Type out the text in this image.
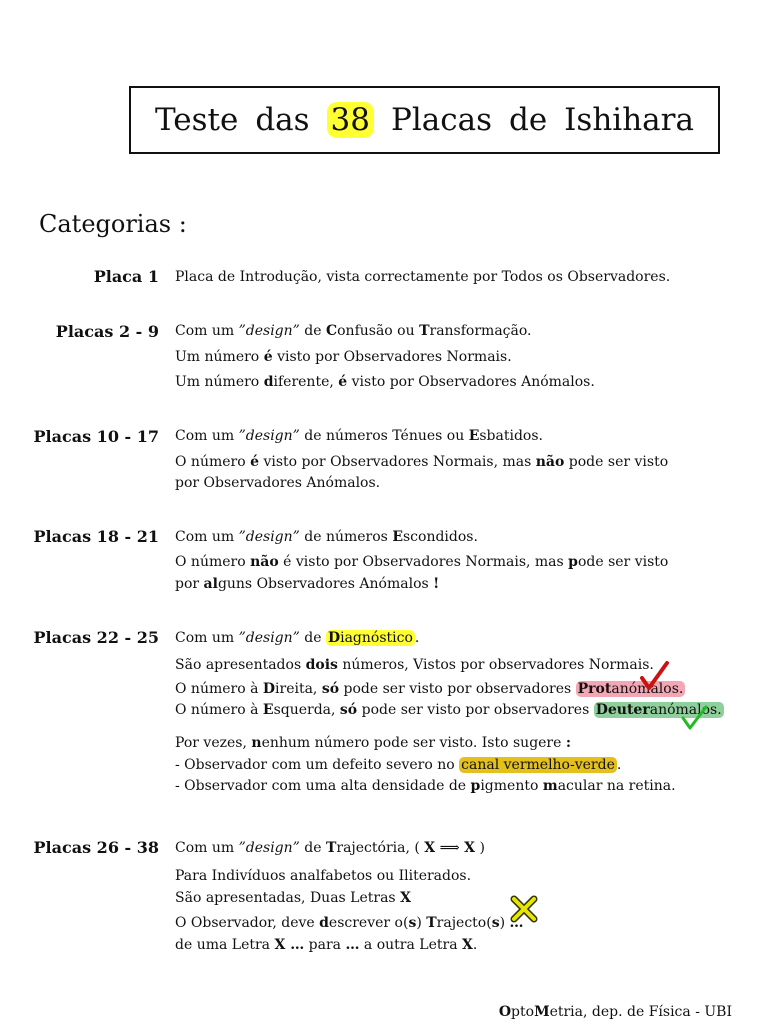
Teste das 38 Placas de Ishihara
Categorias :
Placa 1 Placa de Introdução, vista correctamente por Todos os Observadores.
Placas 2 - 9 Com um ”design” de Confusão ou Transformação.
Um número é visto por Observadores Normais.
Um número diferente, é visto por Observadores Anómalos.
Placas 10 - 17 Com um ”design” de números Ténues ou Esbatidos.
O número é visto por Observadores Normais, mas não pode ser visto
por Observadores Anómalos.
Placas 18 - 21 Com um ”design” de números Escondidos.
O número não é visto por Observadores Normais, mas pode ser visto
por alguns Observadores Anómalos !
Placas 22 - 25 Com um ”design” de Diagnóstico .
São apresentados dois números, Vistos por observadores Normais.
O número à Direita, só pode ser visto por observadores Protanómalos.
O número à Esquerda, só pode ser visto por observadores Deuteranómalos.
Por vezes, nenhum número pode ser visto. Isto sugere :
- Observador com um defeito severo no canal vermelho-verde .
- Observador com uma alta densidade de pigmento macular na retina.
Placas 26 - 38 Com um ”design” de Trajectória, ( X ⟹ X )
Para Indivíduos analfabetos ou Iliterados.
São apresentadas, Duas Letras X
O Observador, deve descrever o(s) Trajecto(s) …
de uma Letra X … para … a outra Letra X.
OptoMetria, dep. de Física - UBI
